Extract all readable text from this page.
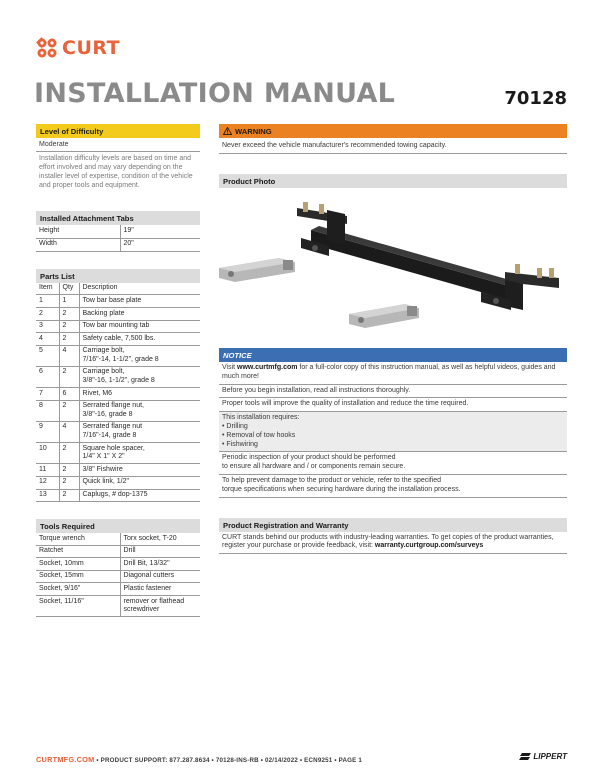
CURT
INSTALLATION MANUAL	70128
Level of Difficulty
Moderate
Installation difficulty levels are based on time and effort involved and may vary depending on the installer level of expertise, condition of the vehicle and proper tools and equipment.
Installed Attachment Tabs
Height	19"
Width	20"
Parts List
Item	Qty	Description
1	1	Tow bar base plate
2	2	Backing plate
3	2	Tow bar mounting tab
4	2	Safety cable, 7,500 lbs.
5	4	Carriage bolt,
7/16"-14, 1-1/2", grade 8
6	2	Carriage bolt,
3/8"-16, 1-1/2", grade 8
7	6	Rivet, M6
8	2	Serrated flange nut,
3/8"-16, grade 8
9	4	Serrated flange nut
7/16"-14, grade 8
10	2	Square hole spacer,
1/4" X 1" X 2"
11	2	3/8" Fishwire
12	2	Quick link, 1/2"
13	2	Caplugs, # dop-1375
Tools Required
Torque wrench	Torx socket, T-20
Ratchet	Drill
Socket, 10mm	Drill Bit, 13/32"
Socket, 15mm	Diagonal cutters
Socket, 9/16"	Plastic fastener
Socket, 11/16"	remover or flathead
screwdriver
WARNING
Never exceed the vehicle manufacturer's recommended towing capacity.
Product Photo
NOTICE
Visit www.curtmfg.com for a full-color copy of this instruction manual, as well as helpful videos, guides and much more!
Before you begin installation, read all instructions thoroughly.
Proper tools will improve the quality of installation and reduce the time required.
This installation requires:
• Drilling
• Removal of tow hooks
• Fishwiring
Periodic inspection of your product should be performed
to ensure all hardware and / or components remain secure.
To help prevent damage to the product or vehicle, refer to the specified
torque specifications when securing hardware during the installation process.
Product Registration and Warranty
CURT stands behind our products with industry-leading warranties. To get copies of the product warranties, register your purchase or provide feedback, visit: warranty.curtgroup.com/surveys
CURTMFG.COM • PRODUCT SUPPORT: 877.287.8634 • 70128-INS-RB • 02/14/2022 • ECN9251 • PAGE 1	LIPPERT
